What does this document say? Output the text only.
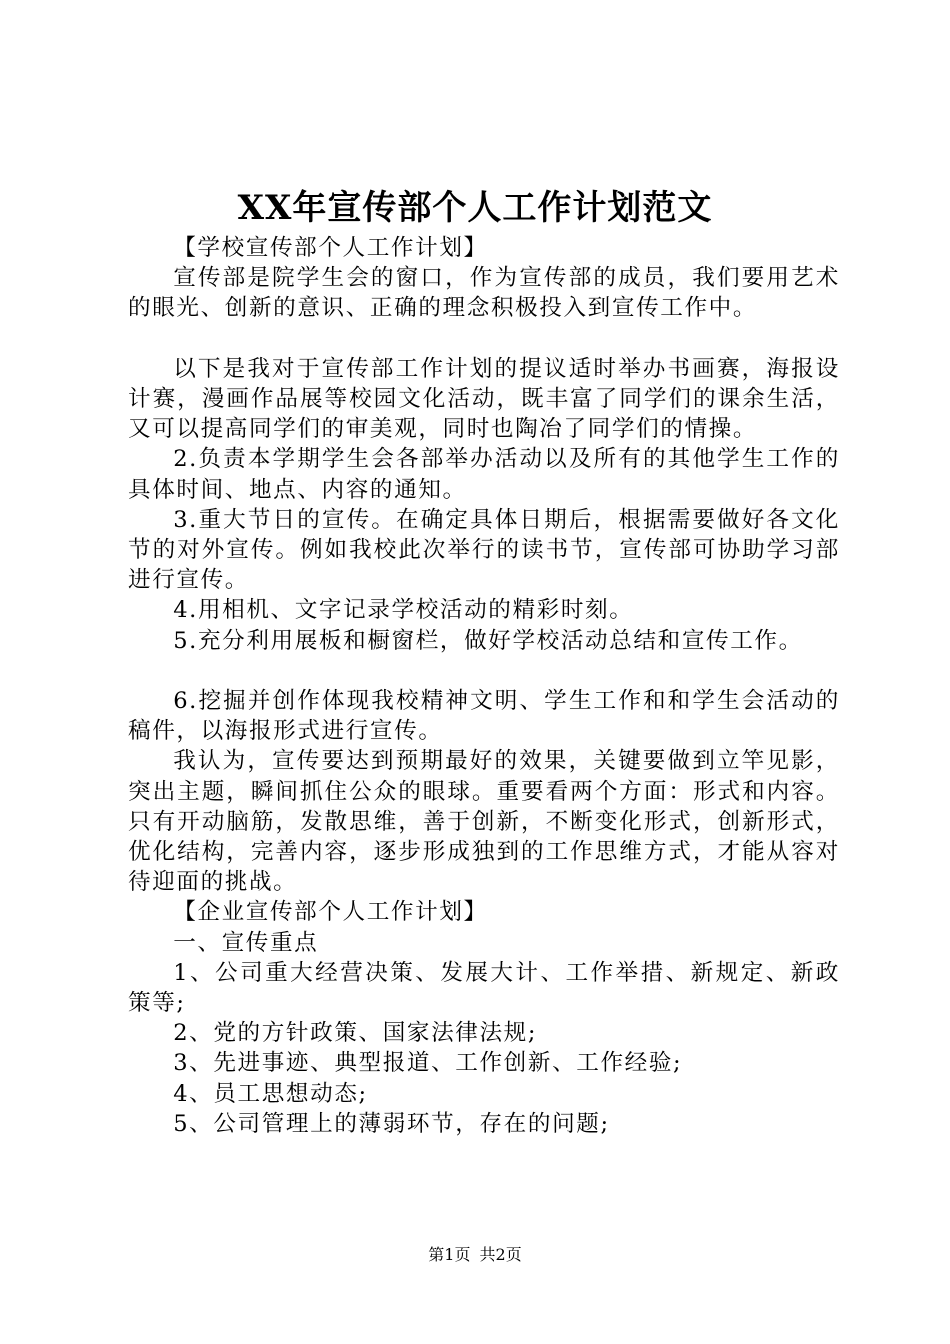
XX年宣传部个人工作计划范文

【学校宣传部个人工作计划】

宣传部是院学生会的窗口，作为宣传部的成员，我们要用艺术的眼光、创新的意识、正确的理念积极投入到宣传工作中。

以下是我对于宣传部工作计划的提议适时举办书画赛，海报设计赛，漫画作品展等校园文化活动，既丰富了同学们的课余生活，又可以提高同学们的审美观，同时也陶冶了同学们的情操。

2.负责本学期学生会各部举办活动以及所有的其他学生工作的具体时间、地点、内容的通知。

3.重大节日的宣传。在确定具体日期后，根据需要做好各文化节的对外宣传。例如我校此次举行的读书节，宣传部可协助学习部进行宣传。

4.用相机、文字记录学校活动的精彩时刻。

5.充分利用展板和橱窗栏，做好学校活动总结和宣传工作。

6.挖掘并创作体现我校精神文明、学生工作和和学生会活动的稿件，以海报形式进行宣传。

我认为，宣传要达到预期最好的效果，关键要做到立竿见影，突出主题，瞬间抓住公众的眼球。重要看两个方面：形式和内容。只有开动脑筋，发散思维，善于创新，不断变化形式，创新形式，优化结构，完善内容，逐步形成独到的工作思维方式，才能从容对待迎面的挑战。

【企业宣传部个人工作计划】

一、宣传重点

1、公司重大经营决策、发展大计、工作举措、新规定、新政策等;

2、党的方针政策、国家法律法规;

3、先进事迹、典型报道、工作创新、工作经验;

4、员工思想动态;

5、公司管理上的薄弱环节，存在的问题;

第1页 共2页
